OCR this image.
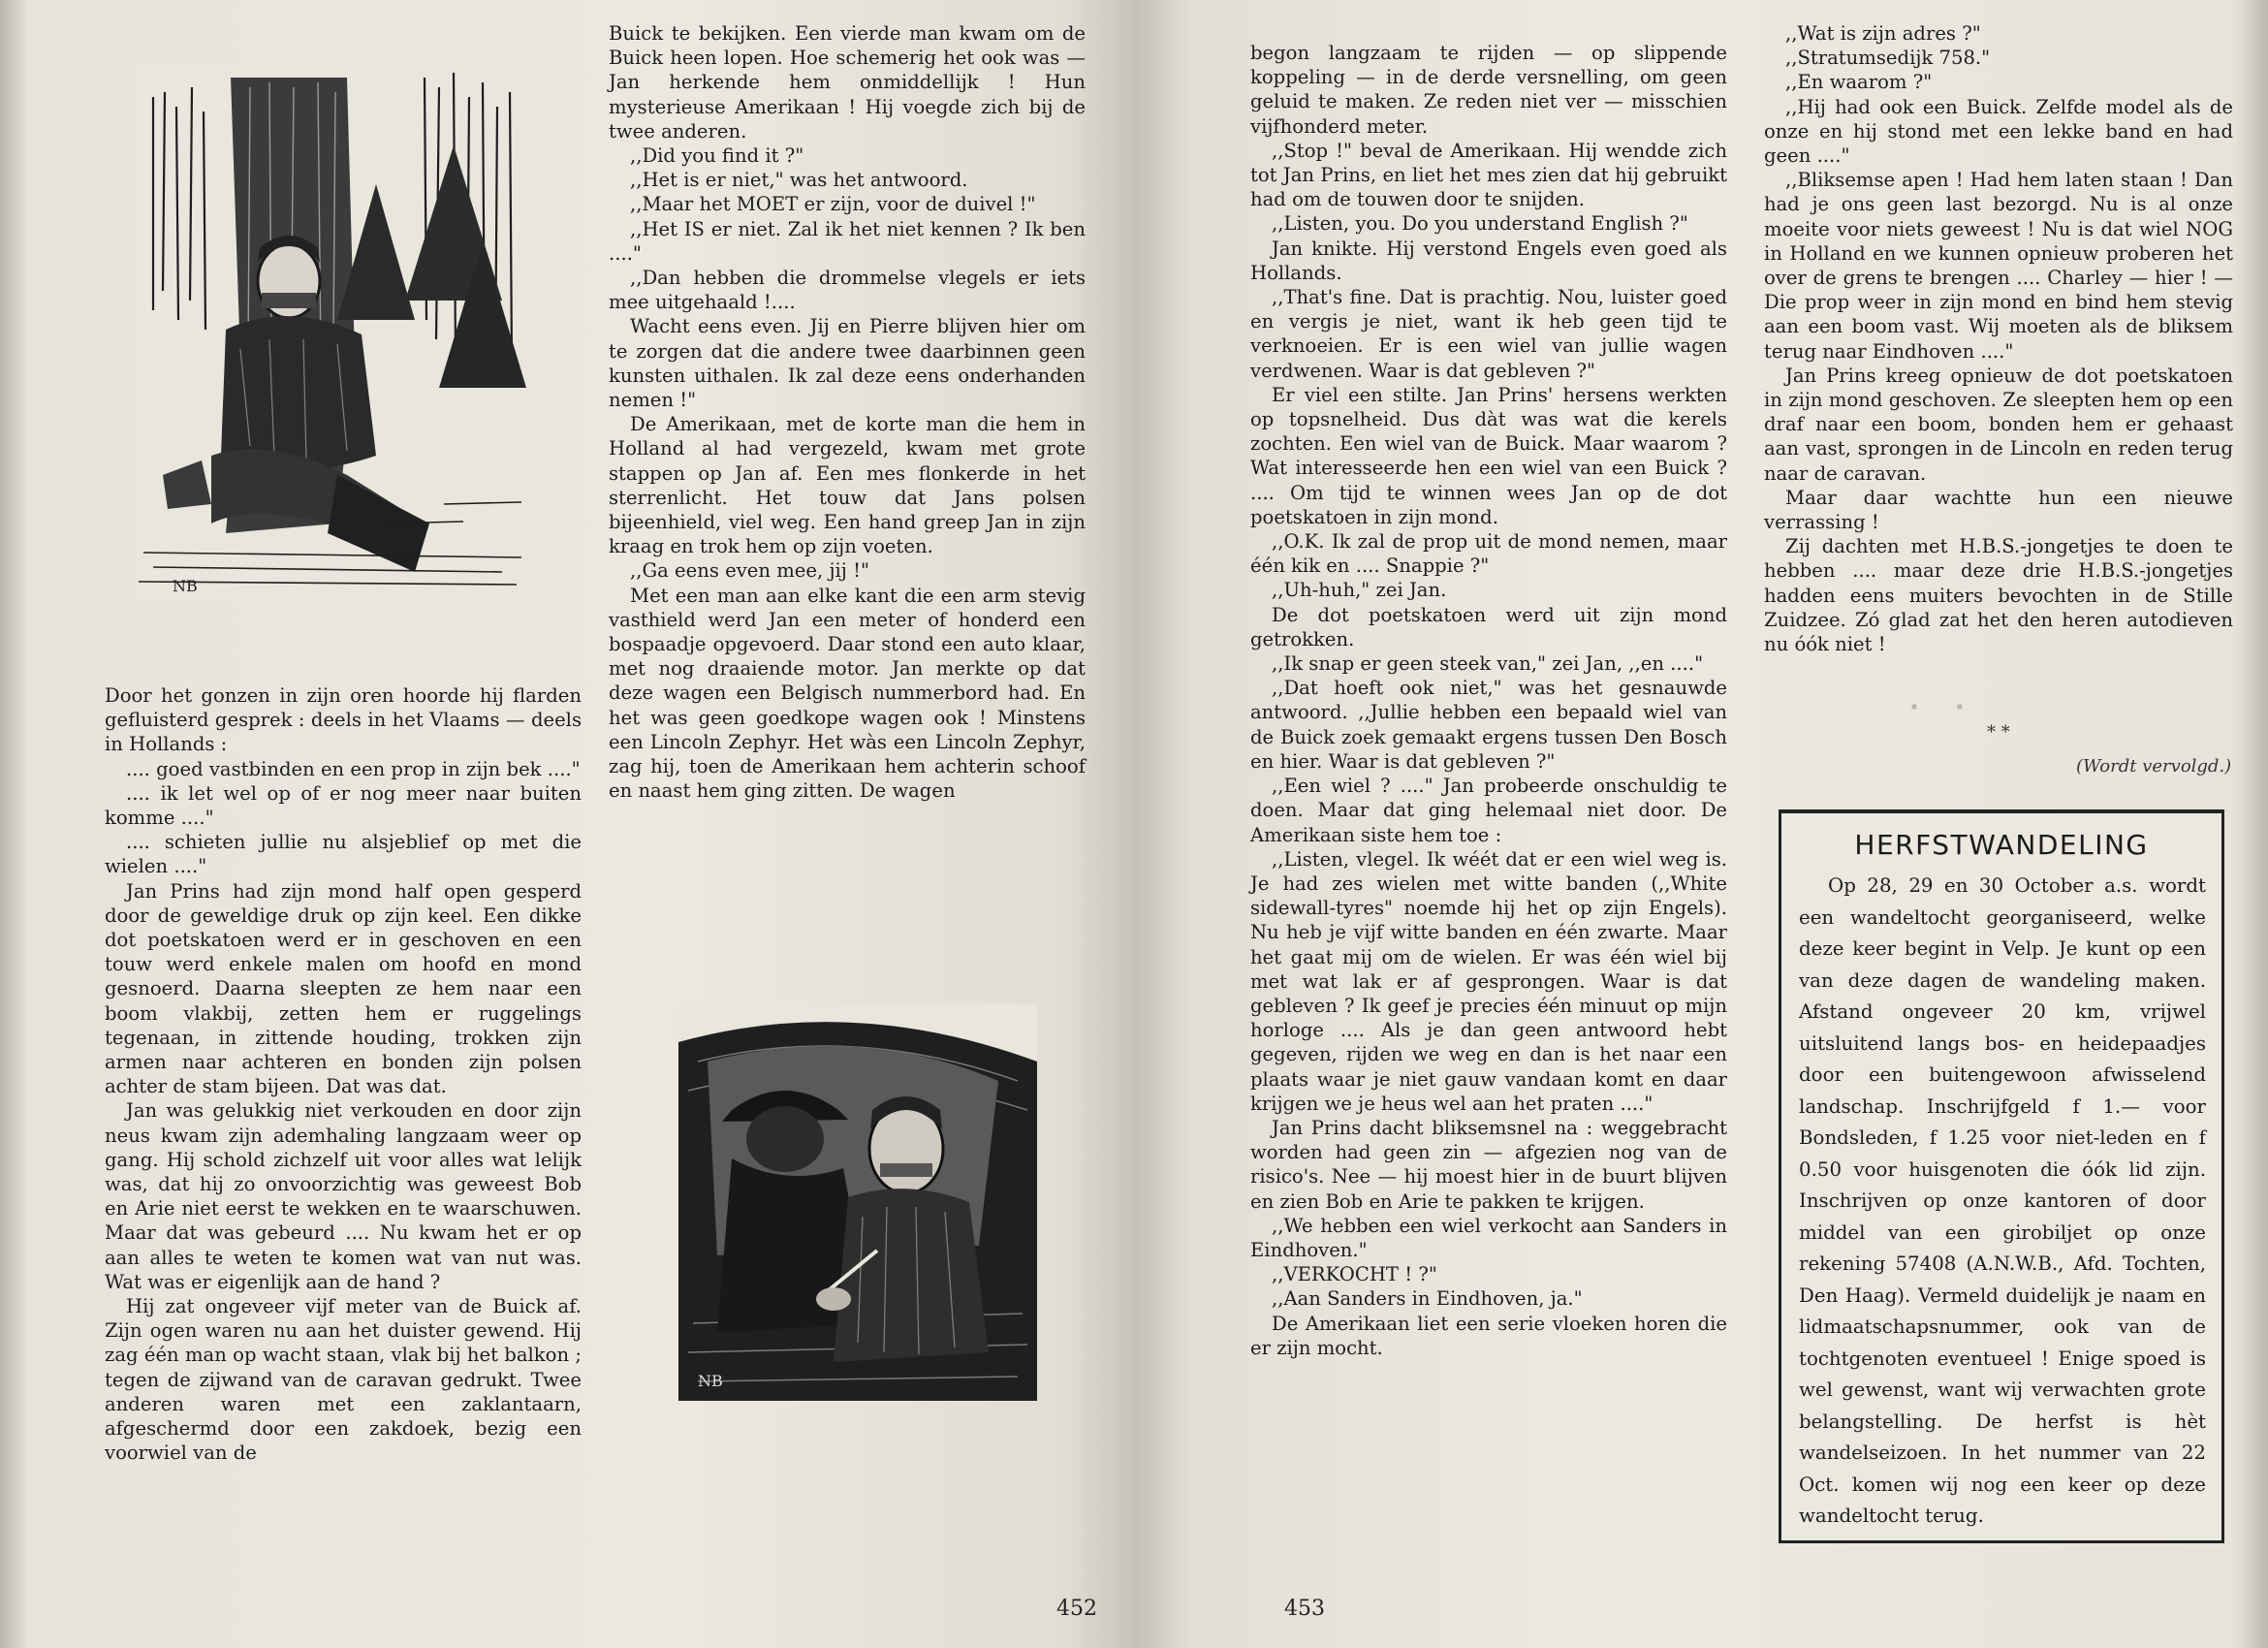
NB

Door het gonzen in zijn oren hoorde hij flarden gefluisterd gesprek : deels in het Vlaams — deels in Hollands :

.... goed vastbinden en een prop in zijn bek ...."

.... ik let wel op of er nog meer naar buiten komme ...."

.... schieten jullie nu alsjeblief op met die wielen ...."

Jan Prins had zijn mond half open gesperd door de geweldige druk op zijn keel. Een dikke dot poetskatoen werd er in geschoven en een touw werd enkele malen om hoofd en mond gesnoerd. Daarna sleepten ze hem naar een boom vlakbij, zetten hem er ruggelings tegenaan, in zittende houding, trokken zijn armen naar achteren en bonden zijn polsen achter de stam bijeen. Dat was dat.

Jan was gelukkig niet verkouden en door zijn neus kwam zijn ademhaling langzaam weer op gang. Hij schold zichzelf uit voor alles wat lelijk was, dat hij zo onvoorzichtig was geweest Bob en Arie niet eerst te wekken en te waarschuwen. Maar dat was gebeurd .... Nu kwam het er op aan alles te weten te komen wat van nut was. Wat was er eigenlijk aan de hand ?

Hij zat ongeveer vijf meter van de Buick af. Zijn ogen waren nu aan het duister gewend. Hij zag één man op wacht staan, vlak bij het balkon ; tegen de zijwand van de caravan gedrukt. Twee anderen waren met een zaklantaarn, afgeschermd door een zakdoek, bezig een voorwiel van de

Buick te bekijken. Een vierde man kwam om de Buick heen lopen. Hoe schemerig het ook was — Jan herkende hem onmiddellijk ! Hun mysterieuse Amerikaan ! Hij voegde zich bij de twee anderen.

,,Did you find it ?"

,,Het is er niet," was het antwoord.

,,Maar het MOET er zijn, voor de duivel !"

,,Het IS er niet. Zal ik het niet kennen ? Ik ben ...."

,,Dan hebben die drommelse vlegels er iets mee uitgehaald !....

Wacht eens even. Jij en Pierre blijven hier om te zorgen dat die andere twee daarbinnen geen kunsten uithalen. Ik zal deze eens onderhanden nemen !"

De Amerikaan, met de korte man die hem in Holland al had vergezeld, kwam met grote stappen op Jan af. Een mes flonkerde in het sterrenlicht. Het touw dat Jans polsen bijeenhield, viel weg. Een hand greep Jan in zijn kraag en trok hem op zijn voeten.

,,Ga eens even mee, jij !"

Met een man aan elke kant die een arm stevig vasthield werd Jan een meter of honderd een bospaadje opgevoerd. Daar stond een auto klaar, met nog draaiende motor. Jan merkte op dat deze wagen een Belgisch nummerbord had. En het was geen goedkope wagen ook ! Minstens een Lincoln Zephyr. Het wàs een Lincoln Zephyr, zag hij, toen de Amerikaan hem achterin schoof en naast hem ging zitten. De wagen

NB
452

begon langzaam te rijden — op slippende koppeling — in de derde versnelling, om geen geluid te maken. Ze reden niet ver — misschien vijfhonderd meter.

,,Stop !" beval de Amerikaan. Hij wendde zich tot Jan Prins, en liet het mes zien dat hij gebruikt had om de touwen door te snijden.

,,Listen, you. Do you understand English ?"

Jan knikte. Hij verstond Engels even goed als Hollands.

,,That's fine. Dat is prachtig. Nou, luister goed en vergis je niet, want ik heb geen tijd te verknoeien. Er is een wiel van jullie wagen verdwenen. Waar is dat gebleven ?"

Er viel een stilte. Jan Prins' hersens werkten op topsnelheid. Dus dàt was wat die kerels zochten. Een wiel van de Buick. Maar waarom ? Wat interesseerde hen een wiel van een Buick ? .... Om tijd te winnen wees Jan op de dot poetskatoen in zijn mond.

,,O.K. Ik zal de prop uit de mond nemen, maar één kik en .... Snappie ?"

,,Uh-huh," zei Jan.

De dot poetskatoen werd uit zijn mond getrokken.

,,Ik snap er geen steek van," zei Jan, ,,en ...."

,,Dat hoeft ook niet," was het gesnauwde antwoord. ,,Jullie hebben een bepaald wiel van de Buick zoek gemaakt ergens tussen Den Bosch en hier. Waar is dat gebleven ?"

,,Een wiel ? ...." Jan probeerde onschuldig te doen. Maar dat ging helemaal niet door. De Amerikaan siste hem toe :

,,Listen, vlegel. Ik wéét dat er een wiel weg is. Je had zes wielen met witte banden (,,White sidewall-tyres" noemde hij het op zijn Engels). Nu heb je vijf witte banden en één zwarte. Maar het gaat mij om de wielen. Er was één wiel bij met wat lak er af gesprongen. Waar is dat gebleven ? Ik geef je precies één minuut op mijn horloge .... Als je dan geen antwoord hebt gegeven, rijden we weg en dan is het naar een plaats waar je niet gauw vandaan komt en daar krijgen we je heus wel aan het praten ...."

Jan Prins dacht bliksemsnel na : weggebracht worden had geen zin — afgezien nog van de risico's. Nee — hij moest hier in de buurt blijven en zien Bob en Arie te pakken te krijgen.

,,We hebben een wiel verkocht aan Sanders in Eindhoven."

,,VERKOCHT ! ?"

,,Aan Sanders in Eindhoven, ja."

De Amerikaan liet een serie vloeken horen die er zijn mocht.

,,Wat is zijn adres ?"

,,Stratumsedijk 758."

,,En waarom ?"

,,Hij had ook een Buick. Zelfde model als de onze en hij stond met een lekke band en had geen ...."

,,Bliksemse apen ! Had hem laten staan ! Dan had je ons geen last bezorgd. Nu is al onze moeite voor niets geweest ! Nu is dat wiel NOG in Holland en we kunnen opnieuw proberen het over de grens te brengen .... Charley — hier ! — Die prop weer in zijn mond en bind hem stevig aan een boom vast. Wij moeten als de bliksem terug naar Eindhoven ...."

Jan Prins kreeg opnieuw de dot poetskatoen in zijn mond geschoven. Ze sleepten hem op een draf naar een boom, bonden hem er gehaast aan vast, sprongen in de Lincoln en reden terug naar de caravan.

Maar daar wachtte hun een nieuwe verrassing !

Zij dachten met H.B.S.-jongetjes te doen te hebben .... maar deze drie H.B.S.-jongetjes hadden eens muiters bevochten in de Stille Zuidzee. Zó glad zat het den heren autodieven nu óók niet !

· ·
* *
(Wordt vervolgd.)
HERFSTWANDELING

Op 28, 29 en 30 October a.s. wordt een wandeltocht georganiseerd, welke deze keer begint in Velp. Je kunt op een van deze dagen de wandeling maken. Afstand ongeveer 20 km, vrijwel uitsluitend langs bos- en heidepaadjes door een buitengewoon afwisselend landschap. Inschrijfgeld f 1.— voor Bondsleden, f 1.25 voor niet-leden en f 0.50 voor huisgenoten die óók lid zijn. Inschrijven op onze kantoren of door middel van een girobiljet op onze rekening 57408 (A.N.W.B., Afd. Tochten, Den Haag). Vermeld duidelijk je naam en lidmaatschapsnummer, ook van de tochtgenoten eventueel ! Enige spoed is wel gewenst, want wij verwachten grote belangstelling. De herfst is hèt wandelseizoen. In het nummer van 22 Oct. komen wij nog een keer op deze wandeltocht terug.

453
